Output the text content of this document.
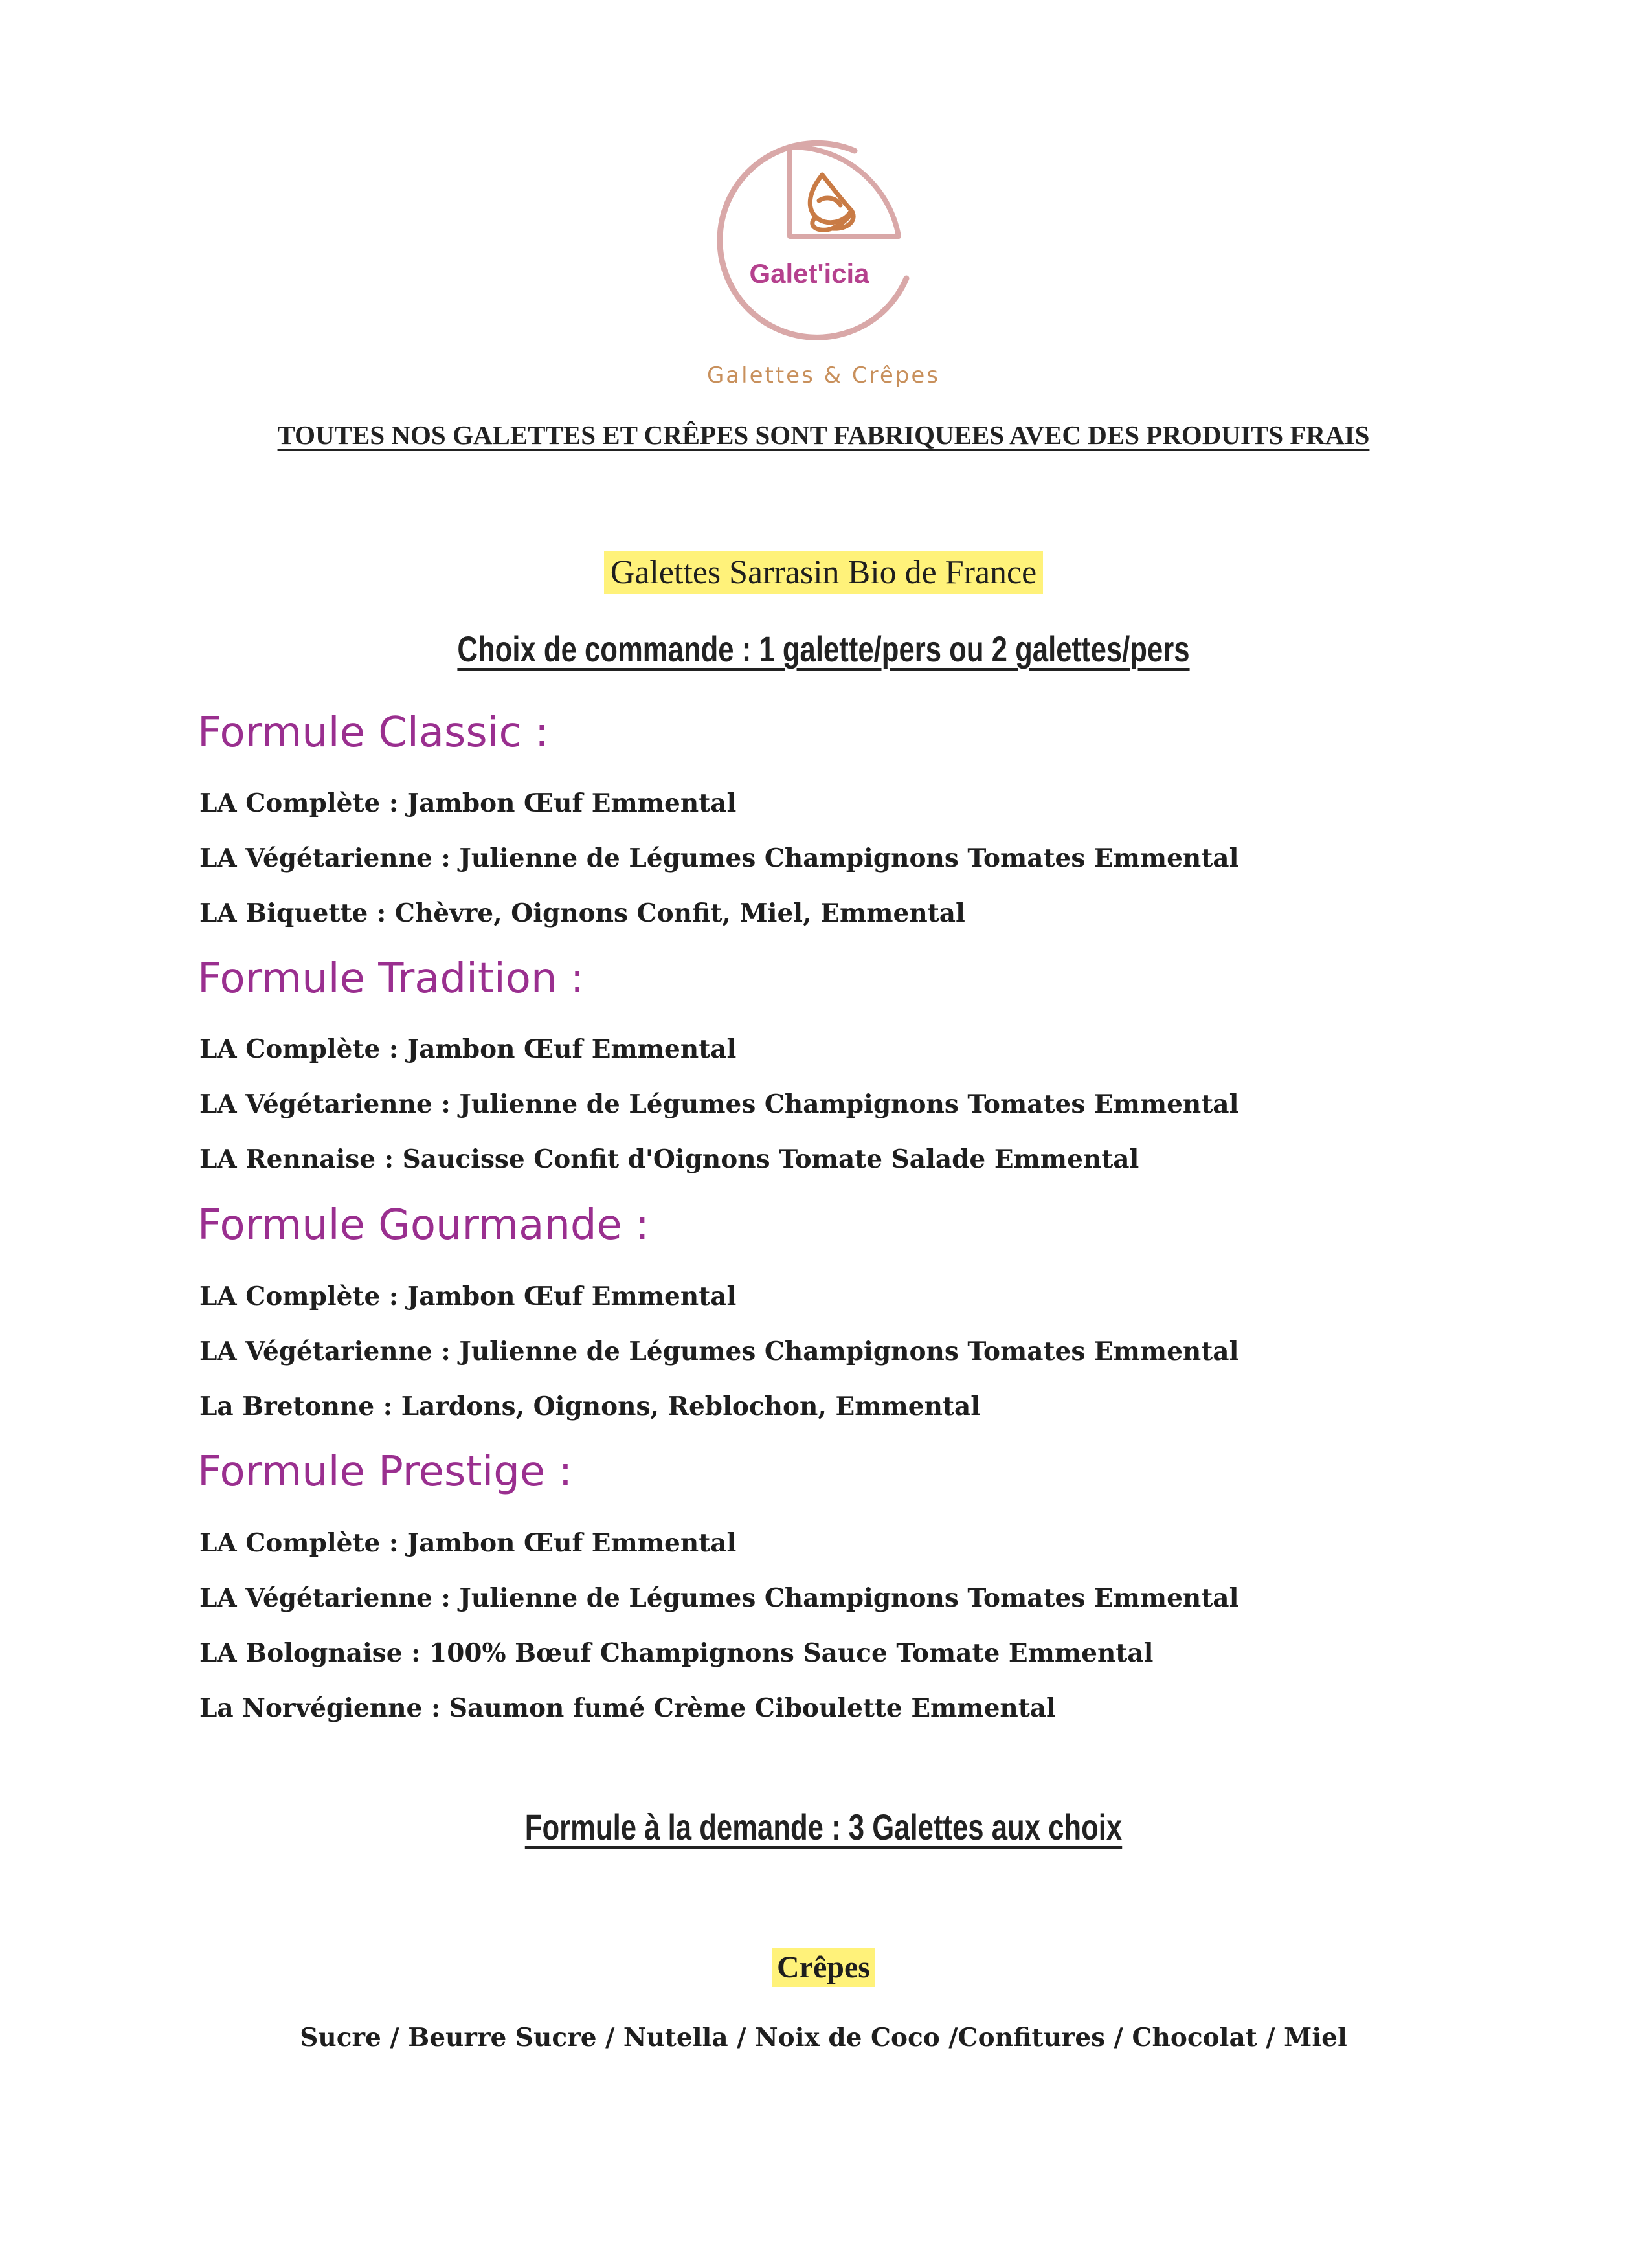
Galet'icia
Galettes & Crêpes
TOUTES NOS GALETTES ET CRÊPES SONT FABRIQUEES AVEC DES PRODUITS FRAIS
Galettes Sarrasin Bio de France
Choix de commande : 1 galette/pers ou 2 galettes/pers
Formule Classic :
LA Complète : Jambon Œuf Emmental
LA Végétarienne : Julienne de Légumes Champignons Tomates Emmental
LA Biquette : Chèvre, Oignons Confit, Miel, Emmental
Formule Tradition :
LA Complète : Jambon Œuf Emmental
LA Végétarienne : Julienne de Légumes Champignons Tomates Emmental
LA Rennaise : Saucisse Confit d'Oignons Tomate Salade Emmental
Formule Gourmande :
LA Complète : Jambon Œuf Emmental
LA Végétarienne : Julienne de Légumes Champignons Tomates Emmental
La Bretonne : Lardons, Oignons, Reblochon, Emmental
Formule Prestige :
LA Complète : Jambon Œuf Emmental
LA Végétarienne : Julienne de Légumes Champignons Tomates Emmental
LA Bolognaise : 100% Bœuf Champignons Sauce Tomate Emmental
La Norvégienne : Saumon fumé Crème Ciboulette Emmental
Formule à la demande : 3 Galettes aux choix
Crêpes
Sucre / Beurre Sucre / Nutella / Noix de Coco /Confitures / Chocolat / Miel
